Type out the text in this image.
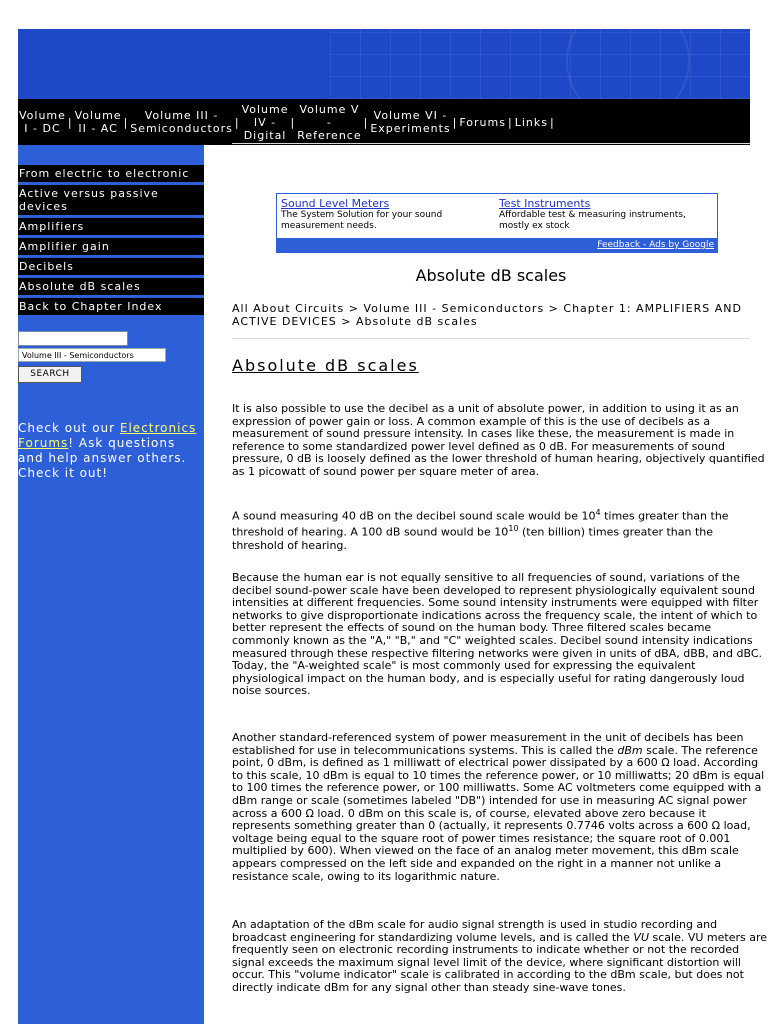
Volume
I - DC | Volume
II - AC |	Volume III -
Semiconductors |
Volume
IV -
Digital
|
Volume V
-
Reference
| Volume VI -
Experiments | Forums | Links |
From electric to electronic
Active versus passive devices
Amplifiers
Amplifier gain
Decibels
Absolute dB scales
Back to Chapter Index
Volume III - Semiconductors
SEARCH
Check out our Electronics Forums! Ask questions and help answer others. Check it out!
Sound Level Meters
The System Solution for your sound measurement needs.
Test Instruments
Affordable test & measuring instruments, mostly ex stock
Feedback - Ads by Google
Absolute dB scales
All About Circuits > Volume III - Semiconductors > Chapter 1: AMPLIFIERS AND ACTIVE DEVICES > Absolute dB scales
Absolute dB scales

It is also possible to use the decibel as a unit of absolute power, in addition to using it as an expression of power gain or loss. A common example of this is the use of decibels as a measurement of sound pressure intensity. In cases like these, the measurement is made in reference to some standardized power level defined as 0 dB. For measurements of sound pressure, 0 dB is loosely defined as the lower threshold of human hearing, objectively quantified as 1 picowatt of sound power per square meter of area.

A sound measuring 40 dB on the decibel sound scale would be $10^4$ times greater than the threshold of hearing. A 100 dB sound would be $10^{10}$ (ten billion) times greater than the threshold of hearing.

Because the human ear is not equally sensitive to all frequencies of sound, variations of the decibel sound-power scale have been developed to represent physiologically equivalent sound intensities at different frequencies. Some sound intensity instruments were equipped with filter networks to give disproportionate indications across the frequency scale, the intent of which to better represent the effects of sound on the human body. Three filtered scales became commonly known as the "A," "B," and "C" weighted scales. Decibel sound intensity indications measured through these respective filtering networks were given in units of dBA, dBB, and dBC. Today, the "A-weighted scale" is most commonly used for expressing the equivalent physiological impact on the human body, and is especially useful for rating dangerously loud noise sources.

Another standard-referenced system of power measurement in the unit of decibels has been established for use in telecommunications systems. This is called the dBm scale. The reference point, 0 dBm, is defined as 1 milliwatt of electrical power dissipated by a 600 Ω load. According to this scale, 10 dBm is equal to 10 times the reference power, or 10 milliwatts; 20 dBm is equal to 100 times the reference power, or 100 milliwatts. Some AC voltmeters come equipped with a dBm range or scale (sometimes labeled "DB") intended for use in measuring AC signal power across a 600 Ω load. 0 dBm on this scale is, of course, elevated above zero because it represents something greater than 0 (actually, it represents 0.7746 volts across a 600 Ω load, voltage being equal to the square root of power times resistance; the square root of 0.001 multiplied by 600). When viewed on the face of an analog meter movement, this dBm scale appears compressed on the left side and expanded on the right in a manner not unlike a resistance scale, owing to its logarithmic nature.

An adaptation of the dBm scale for audio signal strength is used in studio recording and broadcast engineering for standardizing volume levels, and is called the VU scale. VU meters are frequently seen on electronic recording instruments to indicate whether or not the recorded signal exceeds the maximum signal level limit of the device, where significant distortion will occur. This "volume indicator" scale is calibrated in according to the dBm scale, but does not directly indicate dBm for any signal other than steady sine-wave tones.
